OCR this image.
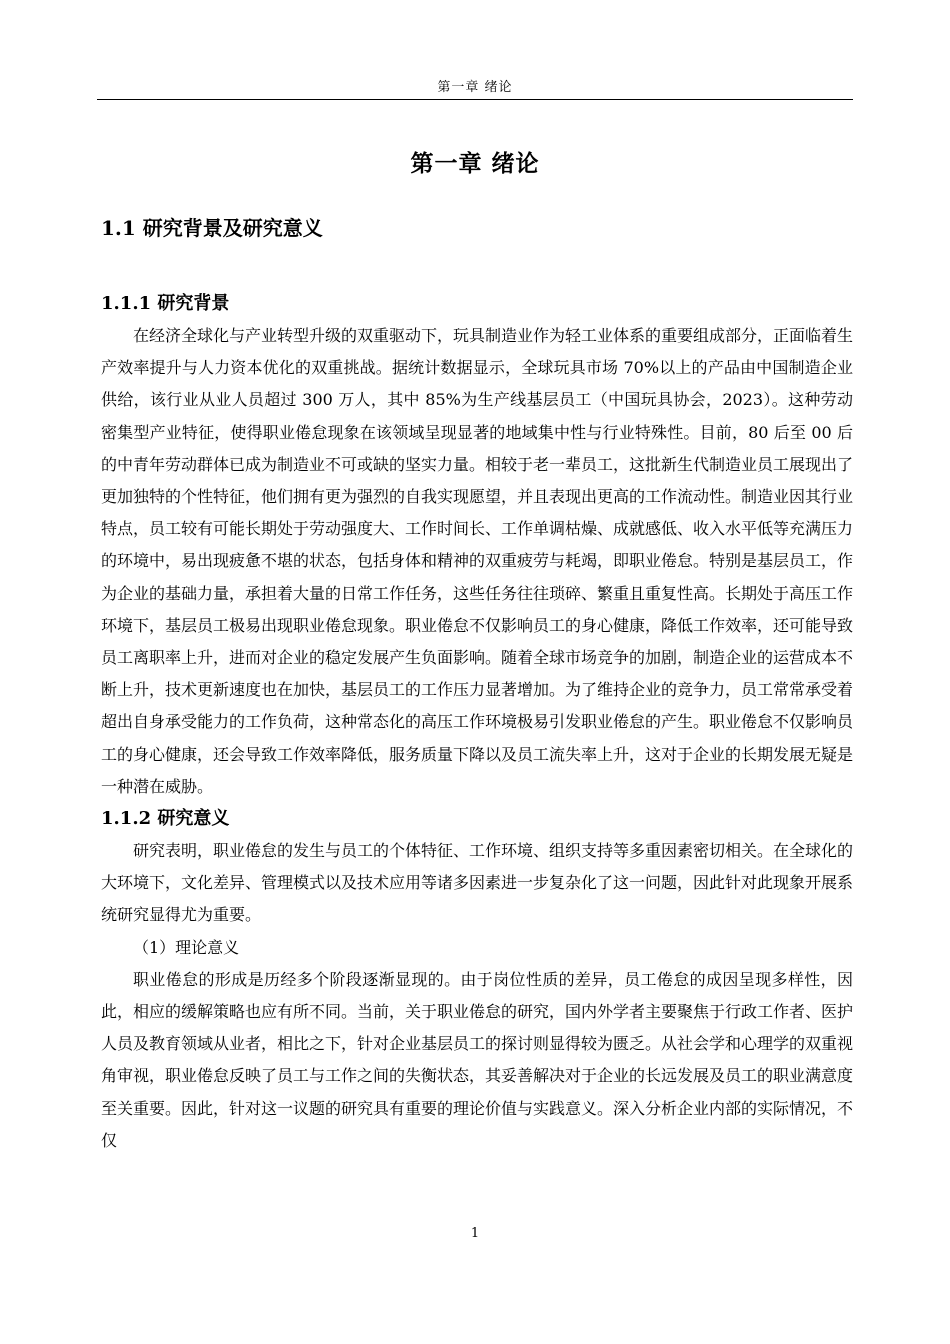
第一章 绪论
第一章 绪论
1.1 研究背景及研究意义
1.1.1 研究背景

在经济全球化与产业转型升级的双重驱动下，玩具制造业作为轻工业体系的重要组成部分，正面临着生产效率提升与人力资本优化的双重挑战。据统计数据显示，全球玩具市场 70%以上的产品由中国制造企业供给，该行业从业人员超过 300 万人，其中 85%为生产线基层员工（中国玩具协会，2023）。这种劳动密集型产业特征，使得职业倦怠现象在该领域呈现显著的地域集中性与行业特殊性。目前，80 后至 00 后的中青年劳动群体已成为制造业不可或缺的坚实力量。相较于老一辈员工，这批新生代制造业员工展现出了更加独特的个性特征，他们拥有更为强烈的自我实现愿望，并且表现出更高的工作流动性。制造业因其行业特点，员工较有可能长期处于劳动强度大、工作时间长、工作单调枯燥、成就感低、收入水平低等充满压力的环境中，易出现疲惫不堪的状态，包括身体和精神的双重疲劳与耗竭，即职业倦怠。特别是基层员工，作为企业的基础力量，承担着大量的日常工作任务，这些任务往往琐碎、繁重且重复性高。长期处于高压工作环境下，基层员工极易出现职业倦怠现象。职业倦怠不仅影响员工的身心健康，降低工作效率，还可能导致员工离职率上升，进而对企业的稳定发展产生负面影响。随着全球市场竞争的加剧，制造企业的运营成本不断上升，技术更新速度也在加快，基层员工的工作压力显著增加。为了维持企业的竞争力，员工常常承受着超出自身承受能力的工作负荷，这种常态化的高压工作环境极易引发职业倦怠的产生。职业倦怠不仅影响员工的身心健康，还会导致工作效率降低，服务质量下降以及员工流失率上升，这对于企业的长期发展无疑是一种潜在威胁。

1.1.2 研究意义

研究表明，职业倦怠的发生与员工的个体特征、工作环境、组织支持等多重因素密切相关。在全球化的大环境下，文化差异、管理模式以及技术应用等诸多因素进一步复杂化了这一问题，因此针对此现象开展系统研究显得尤为重要。

（1）理论意义

职业倦怠的形成是历经多个阶段逐渐显现的。由于岗位性质的差异，员工倦怠的成因呈现多样性，因此，相应的缓解策略也应有所不同。当前，关于职业倦怠的研究，国内外学者主要聚焦于行政工作者、医护人员及教育领域从业者，相比之下，针对企业基层员工的探讨则显得较为匮乏。从社会学和心理学的双重视角审视，职业倦怠反映了员工与工作之间的失衡状态，其妥善解决对于企业的长远发展及员工的职业满意度至关重要。因此，针对这一议题的研究具有重要的理论价值与实践意义。深入分析企业内部的实际情况，不仅

1
